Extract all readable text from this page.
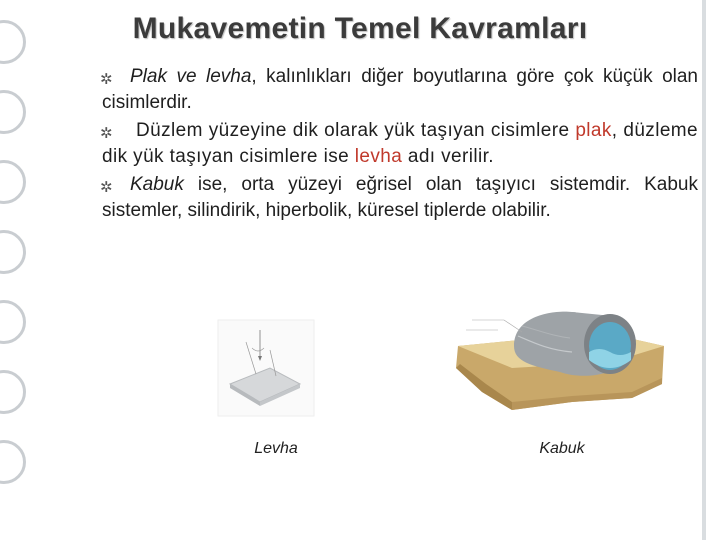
Mukavemetin Temel Kavramları
✲ Plak ve levha, kalınlıkları diğer boyutlarına göre çok küçük olan cisimlerdir.
✲ Düzlem yüzeyine dik olarak yük taşıyan cisimlere plak, düzleme dik yük taşıyan cisimlere ise levha adı verilir.
✲ Kabuk ise, orta yüzeyi eğrisel olan taşıyıcı sistemdir. Kabuk sistemler, silindirik, hiperbolik, küresel tiplerde olabilir.
Levha	Kabuk
